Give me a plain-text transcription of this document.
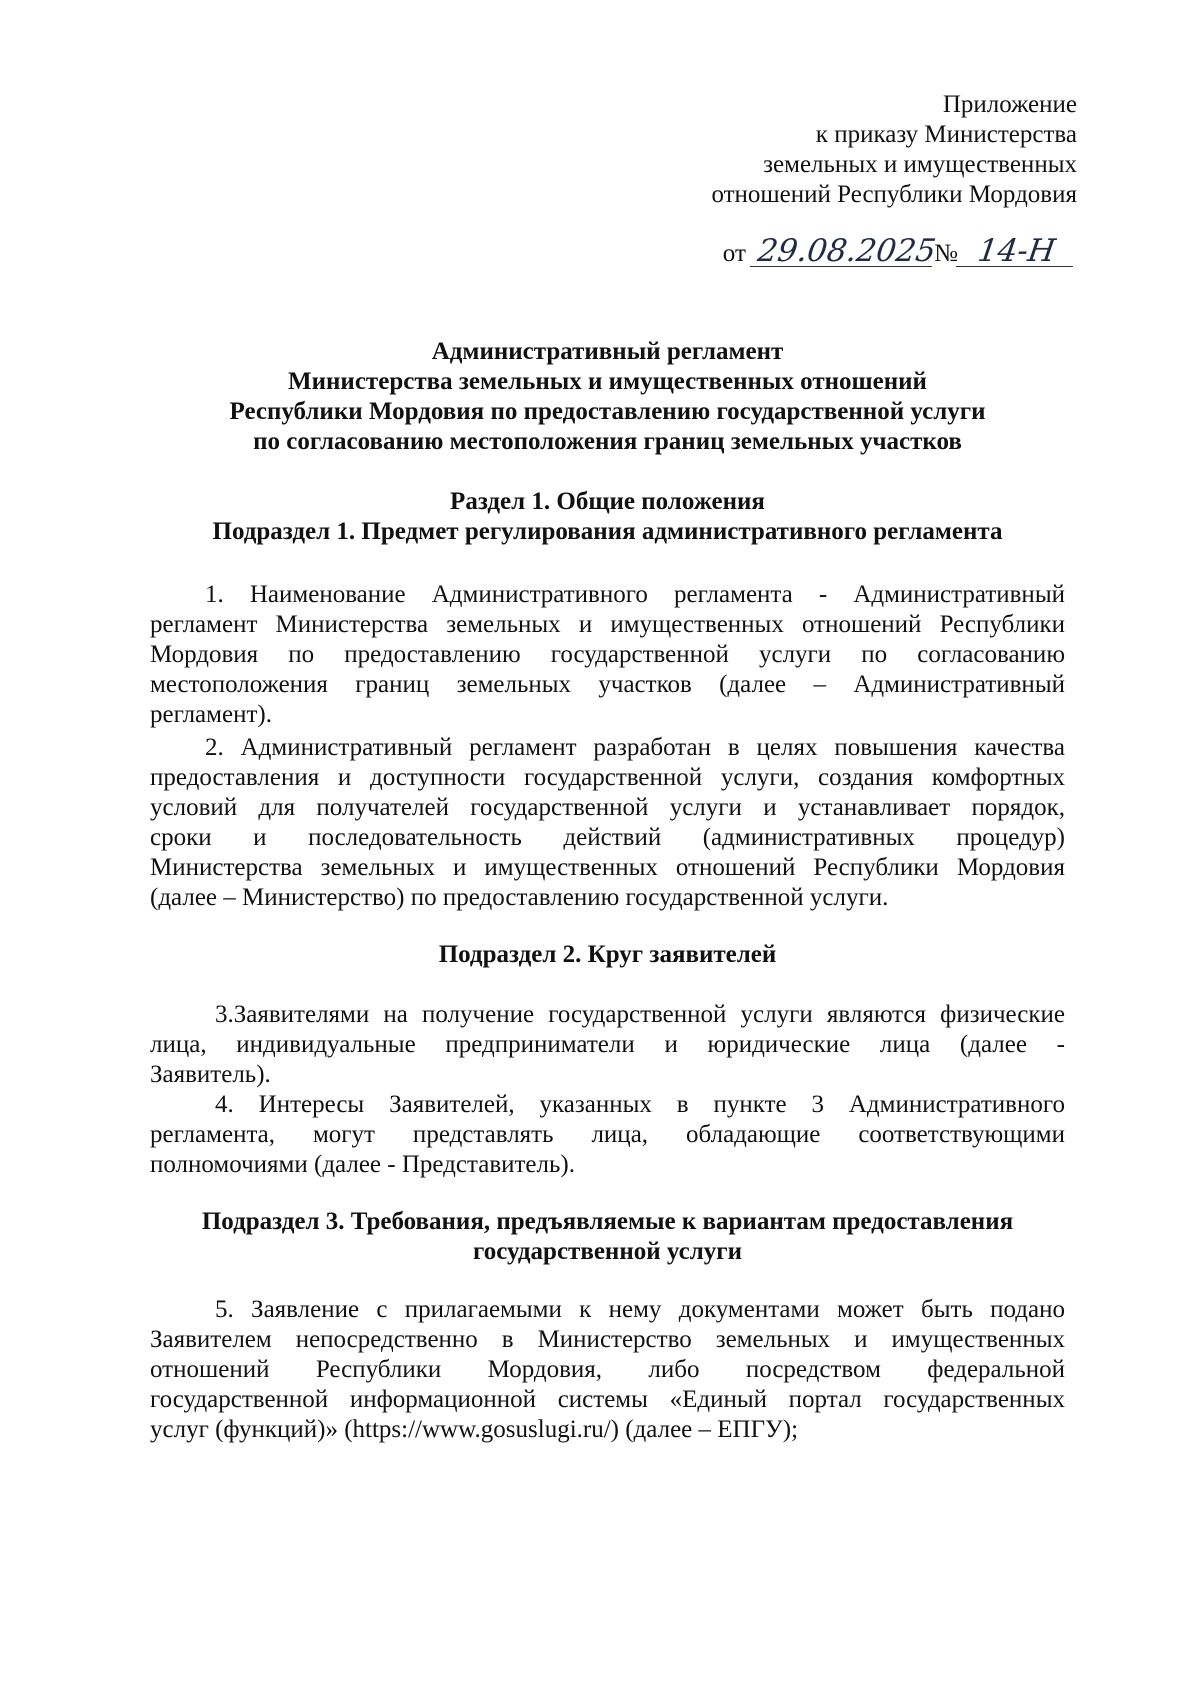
Приложение
к приказу Министерства
земельных и имущественных
отношений Республики Мордовия
от 29.08.2025№ 14-Н
Административный регламент
Министерства земельных и имущественных отношений
Республики Мордовия по предоставлению государственной услуги
по согласованию местоположения границ земельных участков
Раздел 1. Общие положения
Подраздел 1. Предмет регулирования административного регламента
1. Наименование Административного регламента - Административный
регламент Министерства земельных и имущественных отношений Республики
Мордовия по предоставлению государственной услуги по согласованию
местоположения границ земельных участков (далее – Административный
регламент).
2. Административный регламент разработан в целях повышения качества
предоставления и доступности государственной услуги, создания комфортных
условий для получателей государственной услуги и устанавливает порядок,
сроки и последовательность действий (административных процедур)
Министерства земельных и имущественных отношений Республики Мордовия
(далее – Министерство) по предоставлению государственной услуги.
Подраздел 2. Круг заявителей
3.Заявителями на получение государственной услуги являются физические
лица, индивидуальные предприниматели и юридические лица (далее -
Заявитель).
4. Интересы Заявителей, указанных в пункте 3 Административного
регламента, могут представлять лица, обладающие соответствующими
полномочиями (далее - Представитель).
Подраздел 3. Требования, предъявляемые к вариантам предоставления
государственной услуги
5. Заявление с прилагаемыми к нему документами может быть подано
Заявителем непосредственно в Министерство земельных и имущественных
отношений Республики Мордовия, либо посредством федеральной
государственной информационной системы «Единый портал государственных
услуг (функций)» (https://www.gosuslugi.ru/) (далее – ЕПГУ);
